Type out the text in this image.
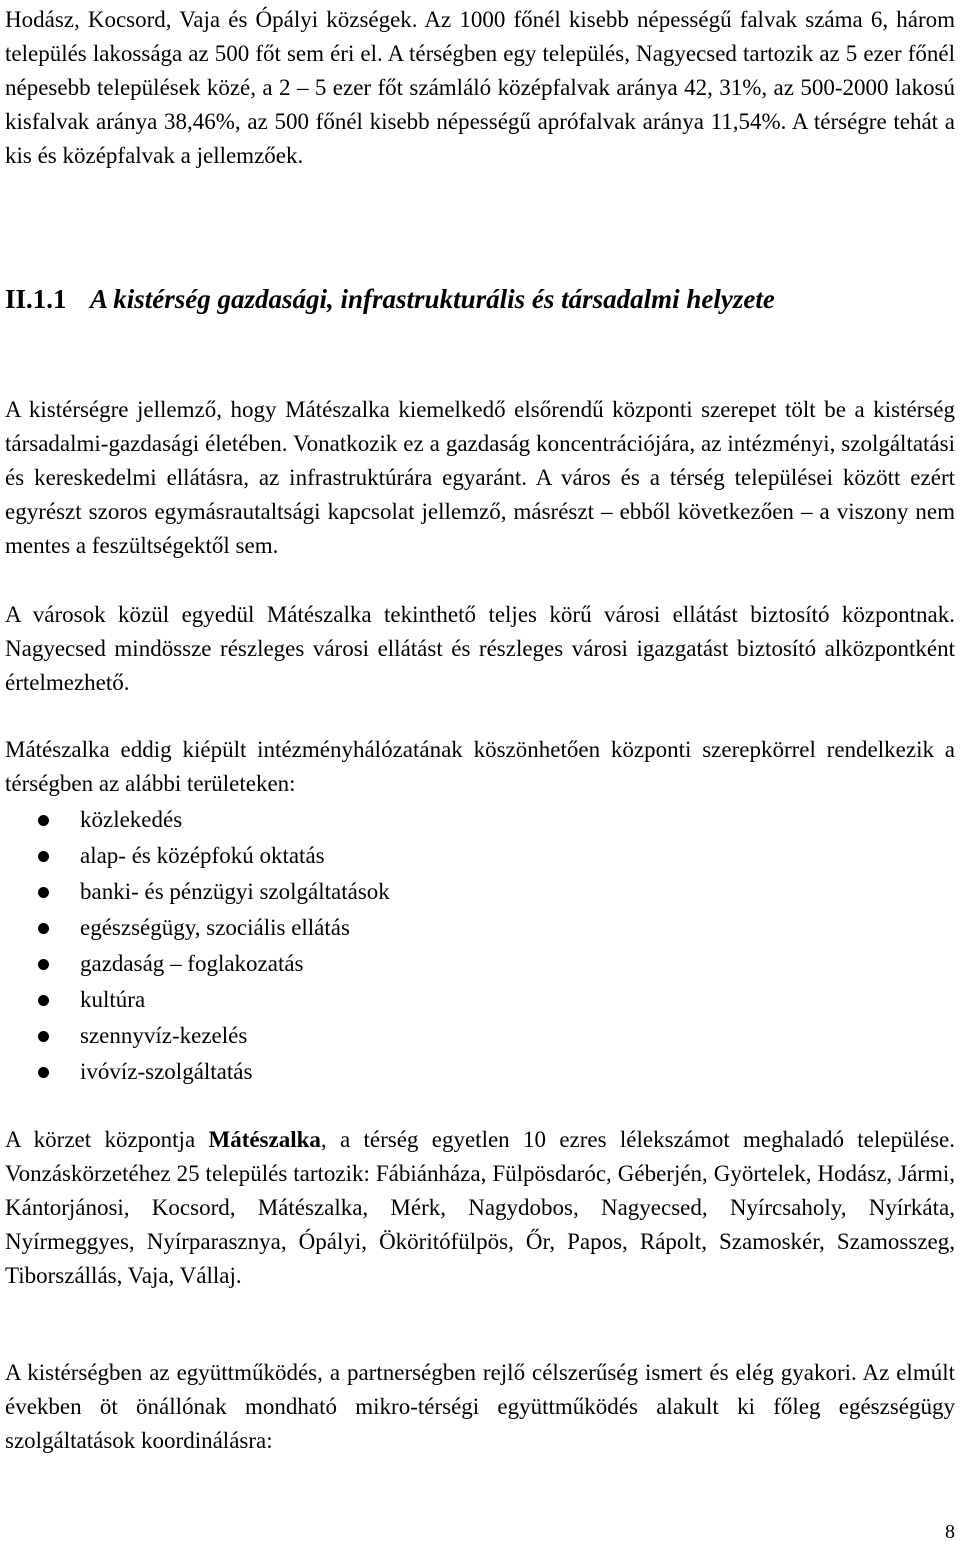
Hodász, Kocsord, Vaja és Ópályi községek. Az 1000 főnél kisebb népességű falvak száma 6, három település lakossága az 500 főt sem éri el. A térségben egy település, Nagyecsed tartozik az 5 ezer főnél népesebb települések közé, a 2 – 5 ezer főt számláló középfalvak aránya 42, 31%, az 500-2000 lakosú kisfalvak aránya 38,46%, az 500 főnél kisebb népességű aprófalvak aránya 11,54%. A térségre tehát a kis és középfalvak a jellemzőek.

II.1.1 A kistérség gazdasági, infrastrukturális és társadalmi helyzete

A kistérségre jellemző, hogy Mátészalka kiemelkedő elsőrendű központi szerepet tölt be a kistérség társadalmi-gazdasági életében. Vonatkozik ez a gazdaság koncentrációjára, az intézményi, szolgáltatási és kereskedelmi ellátásra, az infrastruktúrára egyaránt. A város és a térség települései között ezért egyrészt szoros egymásrautaltsági kapcsolat jellemző, másrészt – ebből következően – a viszony nem mentes a feszültségektől sem.

A városok közül egyedül Mátészalka tekinthető teljes körű városi ellátást biztosító központnak. Nagyecsed mindössze részleges városi ellátást és részleges városi igazgatást biztosító alközpontként értelmezhető.

Mátészalka eddig kiépült intézményhálózatának köszönhetően központi szerepkörrel rendelkezik a térségben az alábbi területeken:

közlekedés
alap- és középfokú oktatás
banki- és pénzügyi szolgáltatások
egészségügy, szociális ellátás
gazdaság – foglakozatás
kultúra
szennyvíz-kezelés
ivóvíz-szolgáltatás

A körzet központja Mátészalka, a térség egyetlen 10 ezres lélekszámot meghaladó települése. Vonzáskörzetéhez 25 település tartozik: Fábiánháza, Fülpösdaróc, Géberjén, Györtelek, Hodász, Jármi, Kántorjánosi, Kocsord, Mátészalka, Mérk, Nagydobos, Nagyecsed, Nyírcsaholy, Nyírkáta, Nyírmeggyes, Nyírparasznya, Ópályi, Ököritófülpös, Őr, Papos, Rápolt, Szamoskér, Szamosszeg, Tiborszállás, Vaja, Vállaj.

A kistérségben az együttműködés, a partnerségben rejlő célszerűség ismert és elég gyakori. Az elmúlt években öt önállónak mondható mikro-térségi együttműködés alakult ki főleg egészségügy szolgáltatások koordinálásra:

8
